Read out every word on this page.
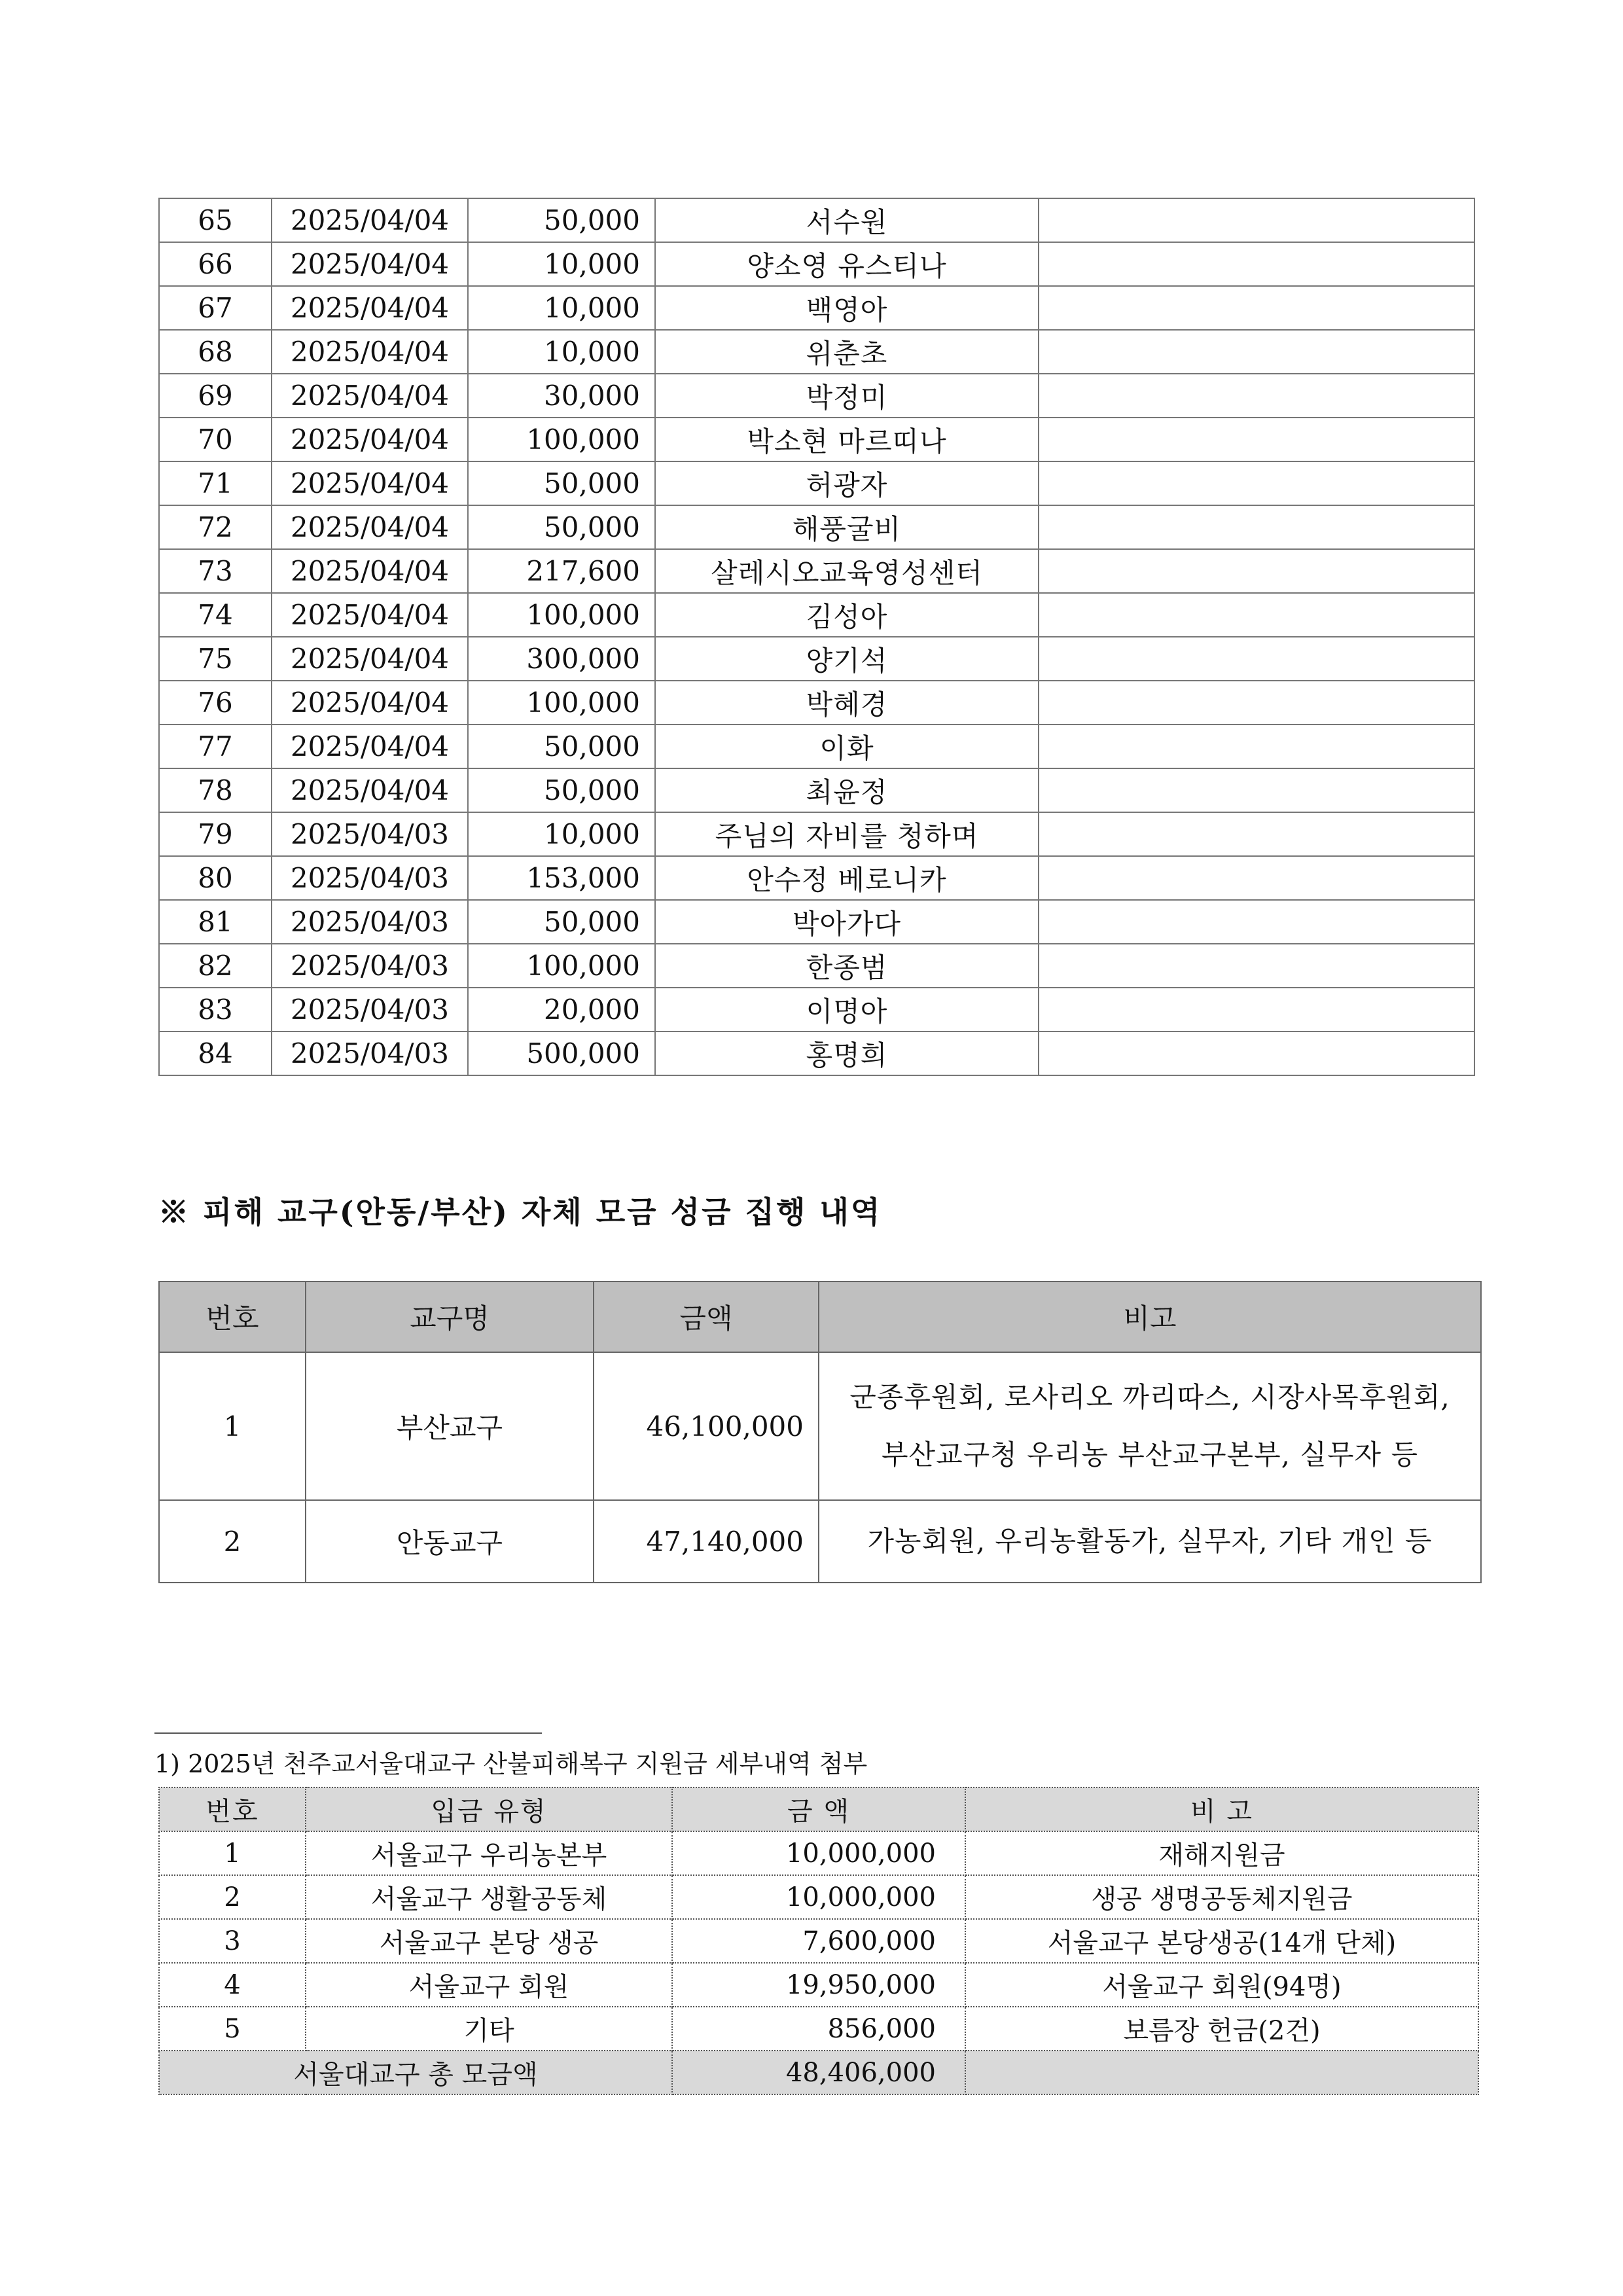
65	2025/04/04	50,000	서수원	
66	2025/04/04	10,000	양소영 유스티나	
67	2025/04/04	10,000	백영아	
68	2025/04/04	10,000	위춘초	
69	2025/04/04	30,000	박정미	
70	2025/04/04	100,000	박소현 마르띠나	
71	2025/04/04	50,000	허광자	
72	2025/04/04	50,000	해풍굴비	
73	2025/04/04	217,600	살레시오교육영성센터	
74	2025/04/04	100,000	김성아	
75	2025/04/04	300,000	양기석	
76	2025/04/04	100,000	박혜경	
77	2025/04/04	50,000	이화	
78	2025/04/04	50,000	최윤정	
79	2025/04/03	10,000	주님의 자비를 청하며	
80	2025/04/03	153,000	안수정 베로니카	
81	2025/04/03	50,000	박아가다	
82	2025/04/03	100,000	한종범	
83	2025/04/03	20,000	이명아	
84	2025/04/03	500,000	홍명희	
※ 피해 교구(안동/부산) 자체 모금 성금 집행 내역
번호	교구명	금액	비고
1	부산교구	46,100,000	군종후원회, 로사리오 까리따스, 시장사목후원회,
부산교구청 우리농 부산교구본부, 실무자 등

2	안동교구	47,140,000	가농회원, 우리농활동가, 실무자, 기타 개인 등

1) 2025년 천주교서울대교구 산불피해복구 지원금 세부내역 첨부

번호	입금 유형	금 액	비 고
1	서울교구 우리농본부	10,000,000	재해지원금
2	서울교구 생활공동체	10,000,000	생공 생명공동체지원금
3	서울교구 본당 생공	7,600,000	서울교구 본당생공(14개 단체)
4	서울교구 회원	19,950,000	서울교구 회원(94명)
5	기타	856,000	보름장 헌금(2건)
서울대교구 총 모금액		48,406,000	
